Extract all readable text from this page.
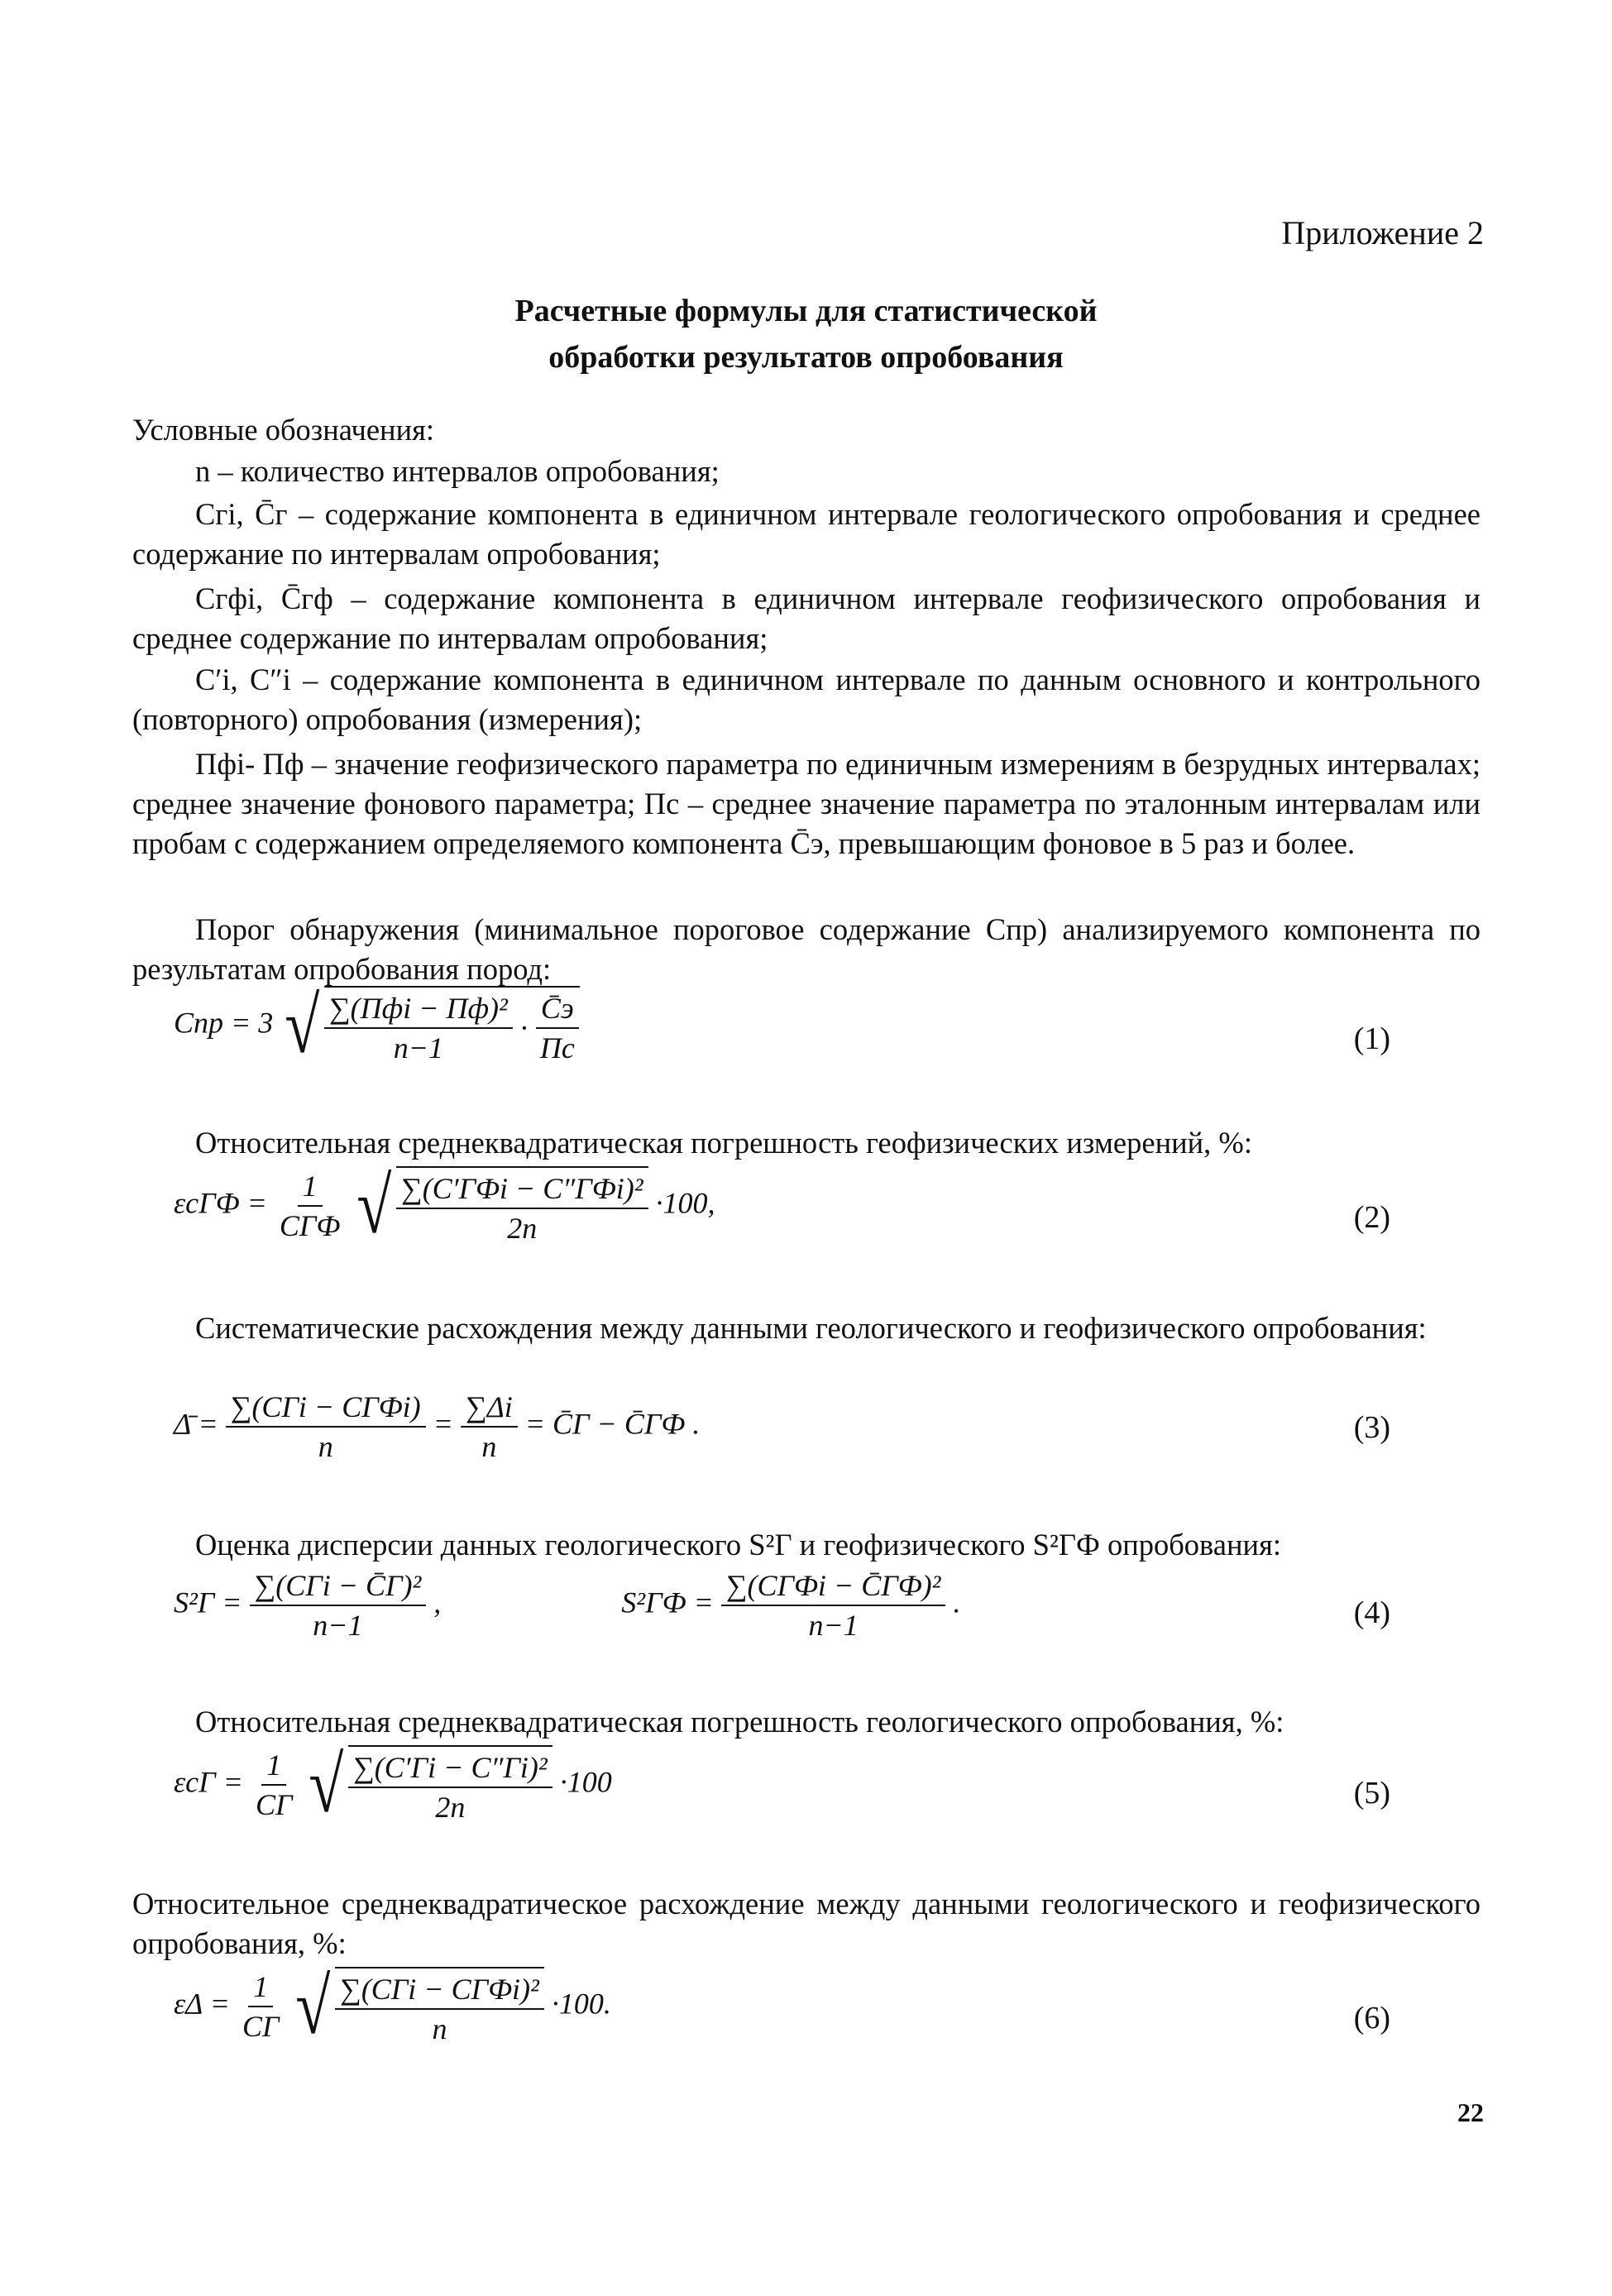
Приложение 2
Расчетные формулы для статистической
обработки результатов опробования
Условные обозначения:
n – количество интервалов опробования;
Cгi, C̄г – содержание компонента в единичном интервале геологического опробования и среднее содержание по интервалам опробования;
Cгфi, C̄гф – содержание компонента в единичном интервале геофизического опробования и среднее содержание по интервалам опробования;
C′i, C″i – содержание компонента в единичном интервале по данным основного и контрольного (повторного) опробования (измерения);
Пфi- Пф – значение геофизического параметра по единичным измерениям в безрудных интервалах; среднее значение фонового параметра; Пс – среднее значение параметра по эталонным интервалам или пробам с содержанием определяемого компонента C̄э, превышающим фоновое в 5 раз и более.
Порог обнаружения (минимальное пороговое содержание Cпр) анализируемого компонента по результатам опробования пород:
Cпр = 3 √ $\frac{\text{∑(Пфi − Пф)²}}{n-1} \cdot \frac{C̄э}{Пс}$	(1)
Относительная среднеквадратическая погрешность геофизических измерений, %:
$\varepsilon сГФ = \frac{1}{\text{CГФ}}$
√ $\frac{\text{∑(C′ГФi − C″ГФi)²}}{2n} \cdot 100$,	(2)
Систематические расхождения между данными геологического и геофизического опробования:
Δ̄ = $\frac{\text{∑(CГi − CГФi)}}{n} = \frac{\sum\Delta i}{n}$ = C̄Г − C̄ГФ .	(3)
Оценка дисперсии данных геологического S²Г и геофизического S²ГФ опробования:
$S^2Г = \frac{\text{∑(CГi − C̄Г)²}}{n-1}$ ,	$S^2ГФ = \frac{\text{∑(CГФi − C̄ГФ)²}}{n-1}$ .	(4)
Относительная среднеквадратическая погрешность геологического опробования, %:
$\varepsilon сГ = \frac{1}{CГ}$
√ $\frac{\text{∑(C′Гi − C″Гi)²}}{2n} \cdot 100$	(5)
Относительное среднеквадратическое расхождение между данными геологического и геофизического опробования, %:
$\varepsilon\Delta = \frac{1}{CГ}$
√ $\frac{\text{∑(CГi − CГФi)²}}{n} \cdot 100$.	(6)
22
